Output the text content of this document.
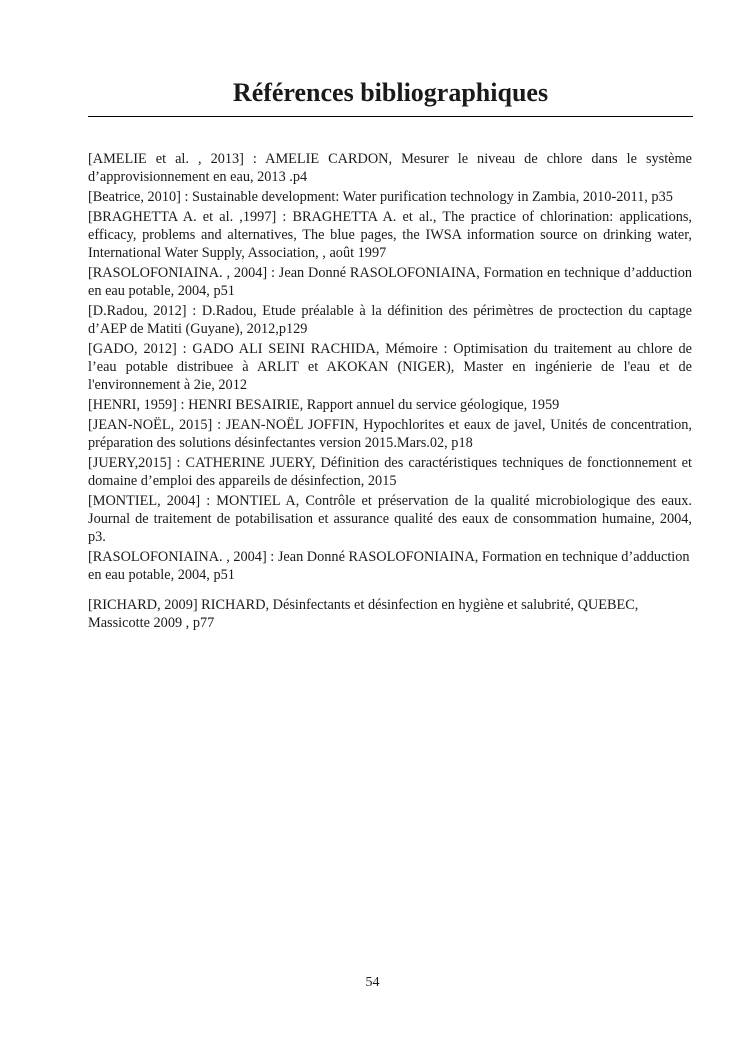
Références bibliographiques

[AMELIE et al. , 2013] : AMELIE CARDON, Mesurer le niveau de chlore dans le système d’approvisionnement en eau, 2013 .p4

[Beatrice, 2010] : Sustainable development: Water purification technology in Zambia, 2010-2011, p35

[BRAGHETTA A. et al. ,1997] : BRAGHETTA A. et al., The practice of chlorination: applications, efficacy, problems and alternatives, The blue pages, the IWSA information source on drinking water, International Water Supply, Association, , août 1997

[RASOLOFONIAINA. , 2004] : Jean Donné RASOLOFONIAINA, Formation en technique d’adduction en eau potable, 2004, p51

[D.Radou, 2012] : D.Radou, Etude préalable à la définition des périmètres de proctection du captage d’AEP de Matiti (Guyane), 2012,p129

[GADO, 2012] : GADO ALI SEINI RACHIDA, Mémoire : Optimisation du traitement au chlore de l’eau potable distribuee à ARLIT et AKOKAN (NIGER), Master en ingénierie de l'eau et de l'environnement à 2ie, 2012

[HENRI, 1959] : HENRI BESAIRIE, Rapport annuel du service géologique, 1959

[JEAN-NOËL, 2015] : JEAN-NOËL JOFFIN, Hypochlorites et eaux de javel, Unités de concentration, préparation des solutions désinfectantes version 2015.Mars.02, p18

[JUERY,2015] : CATHERINE JUERY, Définition des caractéristiques techniques de fonctionnement et domaine d’emploi des appareils de désinfection, 2015

[MONTIEL, 2004] : MONTIEL A, Contrôle et préservation de la qualité microbiologique des eaux. Journal de traitement de potabilisation et assurance qualité des eaux de consommation humaine, 2004, p3.

[RASOLOFONIAINA. , 2004] : Jean Donné RASOLOFONIAINA, Formation en technique d’adduction en eau potable, 2004, p51

[RICHARD, 2009] RICHARD, Désinfectants et désinfection en hygiène et salubrité, QUEBEC, Massicotte 2009 , p77

54
